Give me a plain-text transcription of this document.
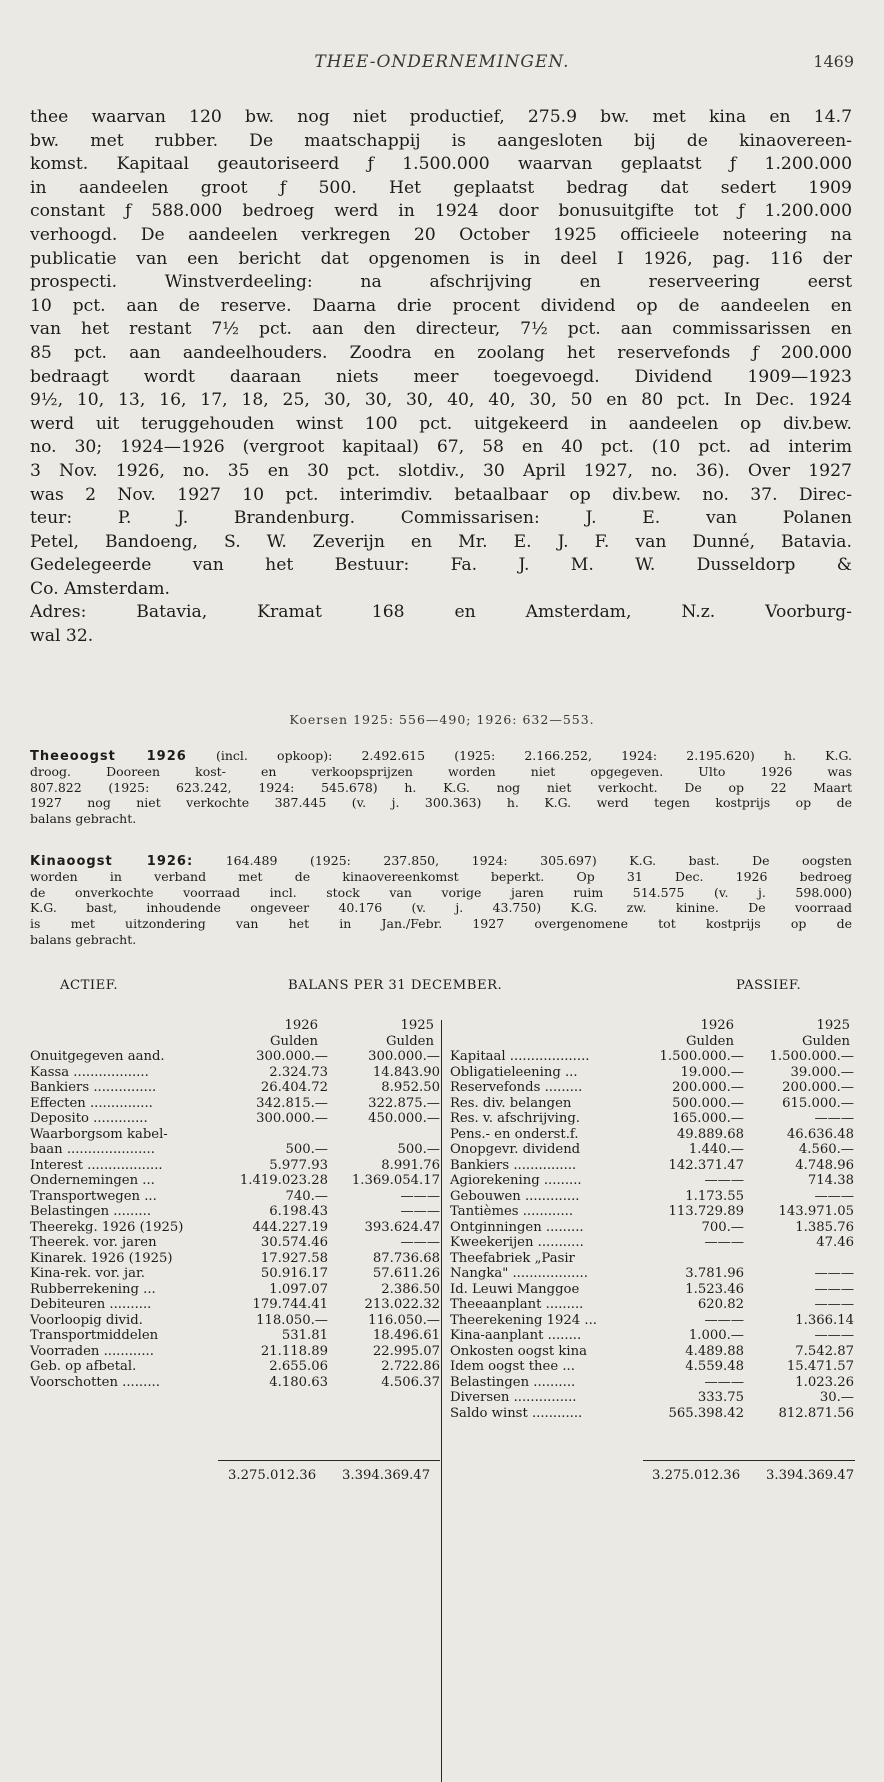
THEE-ONDERNEMINGEN.	1469
thee waarvan 120 bw. nog niet productief, 275.9 bw. met kina en 14.7
bw. met rubber. De maatschappij is aangesloten bij de kinaovereen-
komst. Kapitaal geautoriseerd ƒ 1.500.000 waarvan geplaatst ƒ 1.200.000
in aandeelen groot ƒ 500. Het geplaatst bedrag dat sedert 1909
constant ƒ 588.000 bedroeg werd in 1924 door bonusuitgifte tot ƒ 1.200.000
verhoogd. De aandeelen verkregen 20 October 1925 officieele noteering na
publicatie van een bericht dat opgenomen is in deel I 1926, pag. 116 der
prospecti. Winstverdeeling: na afschrijving en reserveering eerst
10 pct. aan de reserve. Daarna drie procent dividend op de aandeelen en
van het restant 7½ pct. aan den directeur, 7½ pct. aan commissarissen en
85 pct. aan aandeelhouders. Zoodra en zoolang het reservefonds ƒ 200.000
bedraagt wordt daaraan niets meer toegevoegd. Dividend 1909—1923
9½, 10, 13, 16, 17, 18, 25, 30, 30, 30, 40, 40, 30, 50 en 80 pct. In Dec. 1924
werd uit teruggehouden winst 100 pct. uitgekeerd in aandeelen op div.bew.
no. 30; 1924—1926 (vergroot kapitaal) 67, 58 en 40 pct. (10 pct. ad interim
3 Nov. 1926, no. 35 en 30 pct. slotdiv., 30 April 1927, no. 36). Over 1927
was 2 Nov. 1927 10 pct. interimdiv. betaalbaar op div.bew. no. 37. Direc-
teur: P. J. Brandenburg. Commissarisen: J. E. van Polanen
Petel, Bandoeng, S. W. Zeverijn en Mr. E. J. F. van Dunné, Batavia.
Gedelegeerde van het Bestuur: Fa. J. M. W. Dusseldorp &
Co. Amsterdam.
Adres: Batavia, Kramat 168 en Amsterdam, N.z. Voorburg-
wal 32.
Koersen 1925: 556—490; 1926: 632—553.
Theeoogst 1926 (incl. opkoop): 2.492.615 (1925: 2.166.252, 1924: 2.195.620) h. K.G.
droog. Dooreen kost- en verkoopsprijzen worden niet opgegeven. Ulto 1926 was
807.822 (1925: 623.242, 1924: 545.678) h. K.G. nog niet verkocht. De op 22 Maart
1927 nog niet verkochte 387.445 (v. j. 300.363) h. K.G. werd tegen kostprijs op de
balans gebracht.
Kinaoogst 1926:	164.489 (1925: 237.850, 1924: 305.697) K.G. bast. De oogsten
worden in verband met de kinaovereenkomst beperkt. Op 31 Dec. 1926 bedroeg
de onverkochte voorraad incl. stock van vorige jaren ruim 514.575 (v. j. 598.000)
K.G. bast, inhoudende ongeveer 40.176 (v. j. 43.750) K.G. zw. kinine. De voorraad
is met uitzondering van het in Jan./Febr. 1927 overgenomene tot kostprijs op de
balans gebracht.
ACTIEF.	BALANS PER 31 DECEMBER.	PASSIEF.
1926	1925
Gulden	Gulden
Onuitgegeven aand.	300.000.—	300.000.—
Kassa ..................	2.324.73	14.843.90
Bankiers ...............	26.404.72	8.952.50
Effecten ...............	342.815.—	322.875.—
Deposito .............	300.000.—	450.000.—
Waarborgsom kabel-
baan .....................	500.—	500.—
Interest ..................	5.977.93	8.991.76
Ondernemingen ...	1.419.023.28 1.369.054.17
Transportwegen ...	740.—	———
Belastingen .........	6.198.43	———
Theerekg. 1926 (1925)	444.227.19	393.624.47
Theerek. vor. jaren	30.574.46	———
Kinarek. 1926 (1925)	17.927.58	87.736.68
Kina-rek. vor. jar.	50.916.17	57.611.26
Rubberrekening ...	1.097.07	2.386.50
Debiteuren ..........	179.744.41	213.022.32
Voorloopig divid.	118.050.—	116.050.—
Transportmiddelen	531.81	18.496.61
Voorraden ............	21.118.89	22.995.07
Geb. op afbetal.	2.655.06	2.722.86
Voorschotten .........	4.180.63	4.506.37
1926	1925
Gulden	Gulden
Kapitaal ...................	1.500.000.— 1.500.000.—
Obligatieleening ...	19.000.—	39.000.—
Reservefonds .........	200.000.—	200.000.—
Res. div. belangen	500.000.—	615.000.—
Res. v. afschrijving.	165.000.—	———
Pens.- en onderst.f.	49.889.68	46.636.48
Onopgevr. dividend	1.440.—	4.560.—
Bankiers ...............	142.371.47	4.748.96
Agiorekening .........	———	714.38
Gebouwen .............	1.173.55	———
Tantièmes ............	113.729.89	143.971.05
Ontginningen .........	700.—	1.385.76
Kweekerijen ...........	———	47.46
Theefabriek „Pasir
Nangka" ..................	3.781.96	———
Id. Leuwi Manggoe	1.523.46	———
Theeaanplant .........	620.82	———
Theerekening 1924 ...	———	1.366.14
Kina-aanplant ........	1.000.—	———
Onkosten oogst kina	4.489.88	7.542.87
Idem oogst thee ...	4.559.48	15.471.57
Belastingen ..........	———	1.023.26
Diversen ...............	333.75	30.—
Saldo winst ............	565.398.42	812.871.56
3.275.012.36 3.394.369.47	3.275.012.36 3.394.369.47
